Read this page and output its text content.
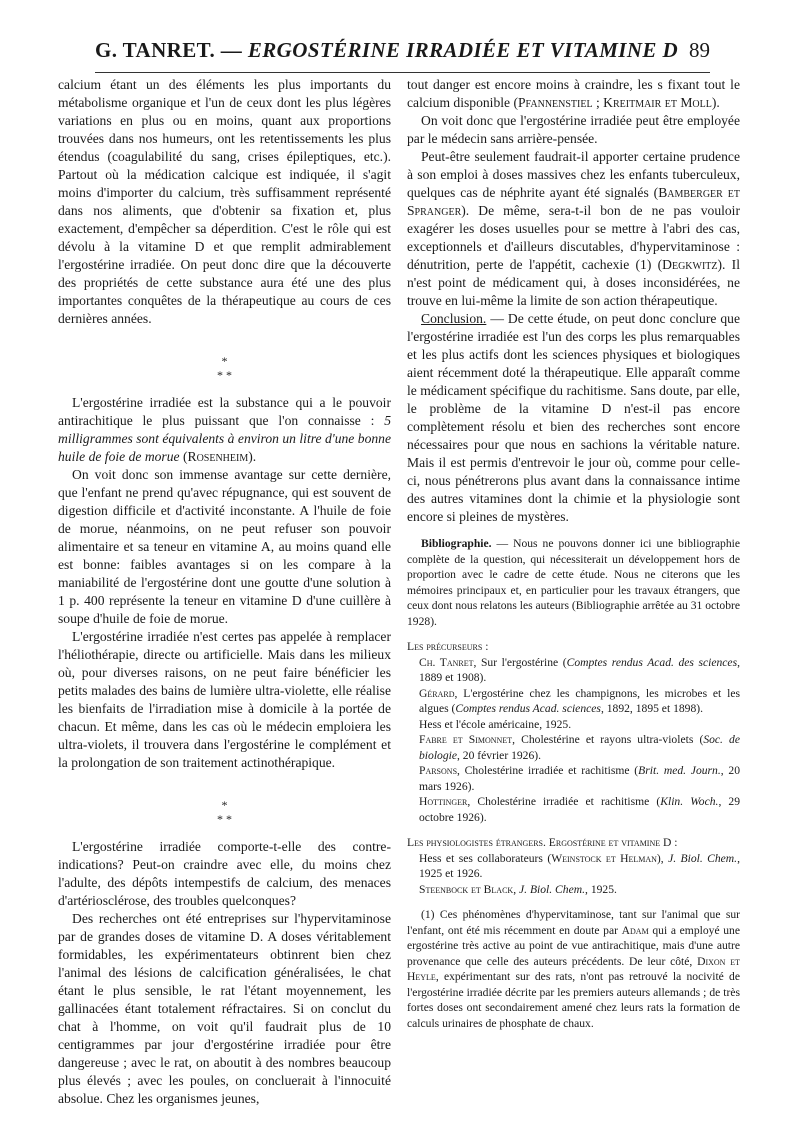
G. TANRET. — ERGOSTÉRINE IRRADIÉE ET VITAMINE D 89

calcium étant un des éléments les plus importants du métabolisme organique et l'un de ceux dont les plus légères variations en plus ou en moins, quant aux proportions trouvées dans nos humeurs, ont les retentissements les plus étendus (coagulabilité du sang, crises épileptiques, etc.). Partout où la médication calcique est indiquée, il s'agit moins d'importer du calcium, très suffisamment représenté dans nos aliments, que d'obtenir sa fixation et, plus exactement, d'empêcher sa déperdition. C'est le rôle qui est dévolu à la vitamine D et que remplit admirablement l'ergostérine irradiée. On peut donc dire que la découverte des propriétés de cette substance aura été une des plus importantes conquêtes de la thérapeutique au cours de ces dernières années.

*
* *

L'ergostérine irradiée est la substance qui a le pouvoir antirachitique le plus puissant que l'on connaisse : 5 milligrammes sont équivalents à environ un litre d'une bonne huile de foie de morue (Rosenheim).

On voit donc son immense avantage sur cette dernière, que l'enfant ne prend qu'avec répugnance, qui est souvent de digestion difficile et d'activité inconstante. A l'huile de foie de morue, néanmoins, on ne peut refuser son pouvoir alimentaire et sa teneur en vitamine A, au moins quand elle est bonne: faibles avantages si on les compare à la maniabilité de l'ergostérine dont une goutte d'une solution à 1 p. 400 représente la teneur en vitamine D d'une cuillère à soupe d'huile de foie de morue.

L'ergostérine irradiée n'est certes pas appelée à remplacer l'héliothérapie, directe ou artificielle. Mais dans les milieux où, pour diverses raisons, on ne peut faire bénéficier les petits malades des bains de lumière ultra-violette, elle réalise les bienfaits de l'irradiation mise à domicile à la portée de chacun. Et même, dans les cas où le médecin emploiera les ultra-violets, il trouvera dans l'ergostérine le complément et la prolongation de son traitement actinothérapique.

*
* *

L'ergostérine irradiée comporte-t-elle des contre-indications? Peut-on craindre avec elle, du moins chez l'adulte, des dépôts intempestifs de calcium, des menaces d'artériosclérose, des troubles quelconques?

Des recherches ont été entreprises sur l'hypervitaminose par de grandes doses de vitamine D. A doses véritablement formidables, les expérimentateurs obtinrent bien chez l'animal des lésions de calcification généralisées, le chat étant le plus sensible, le rat l'étant moyennement, les gallinacées étant totalement réfractaires. Si on conclut du chat à l'homme, on voit qu'il faudrait plus de 10 centigrammes par jour d'ergostérine irradiée pour être dangereuse ; avec le rat, on aboutit à des nombres beaucoup plus élevés ; avec les poules, on concluerait à l'innocuité absolue. Chez les organismes jeunes,

tout danger est encore moins à craindre, les s fixant tout le calcium disponible (Pfannenstiel ; Kreitmair et Moll).

On voit donc que l'ergostérine irradiée peut être employée par le médecin sans arrière-pensée.

Peut-être seulement faudrait-il apporter certaine prudence à son emploi à doses massives chez les enfants tuberculeux, quelques cas de néphrite ayant été signalés (Bamberger et Spranger). De même, sera-t-il bon de ne pas vouloir exagérer les doses usuelles pour se mettre à l'abri des cas, exceptionnels et d'ailleurs discutables, d'hypervitaminose : dénutrition, perte de l'appétit, cachexie (1) (Degkwitz). Il n'est point de médicament qui, à doses inconsidérées, ne trouve en lui-même la limite de son action thérapeutique.

Conclusion. — De cette étude, on peut donc conclure que l'ergostérine irradiée est l'un des corps les plus remarquables et les plus actifs dont les sciences physiques et biologiques aient récemment doté la thérapeutique. Elle apparaît comme le médicament spécifique du rachitisme. Sans doute, par elle, le problème de la vitamine D n'est-il pas encore complètement résolu et bien des recherches sont encore nécessaires pour que nous en sachions la véritable nature. Mais il est permis d'entrevoir le jour où, comme pour celle-ci, nous pénétrerons plus avant dans la connaissance intime des autres vitamines dont la chimie et la physiologie sont encore si pleines de mystères.

Bibliographie. — Nous ne pouvons donner ici une bibliographie complète de la question, qui nécessiterait un développement hors de proportion avec le cadre de cette étude. Nous ne citerons que les mémoires principaux et, en particulier pour les travaux étrangers, que ceux dont nous relatons les auteurs (Bibliographie arrêtée au 31 octobre 1928).

Les précurseurs :

Ch. Tanret, Sur l'ergostérine (Comptes rendus Acad. des sciences, 1889 et 1908).

Gérard, L'ergostérine chez les champignons, les microbes et les algues (Comptes rendus Acad. sciences, 1892, 1895 et 1898).

Hess et l'école américaine, 1925.

Fabre et Simonnet, Cholestérine et rayons ultra-violets (Soc. de biologie, 20 février 1926).

Parsons, Cholestérine irradiée et rachitisme (Brit. med. Journ., 20 mars 1926).

Hottinger, Cholestérine irradiée et rachitisme (Klin. Woch., 29 octobre 1926).

Les physiologistes étrangers. Ergostérine et vitamine D :

Hess et ses collaborateurs (Weinstock et Helman), J. Biol. Chem., 1925 et 1926.

Steenbock et Black, J. Biol. Chem., 1925.

(1) Ces phénomènes d'hypervitaminose, tant sur l'animal que sur l'enfant, ont été mis récemment en doute par Adam qui a employé une ergostérine très active au point de vue antirachitique, mais d'une autre provenance que celle des auteurs précédents. De leur côté, Dixon et Heyle, expérimentant sur des rats, n'ont pas retrouvé la nocivité de l'ergostérine irradiée décrite par les premiers auteurs allemands ; de très fortes doses ont secondairement amené chez leurs rats la formation de calculs urinaires de phosphate de chaux.
